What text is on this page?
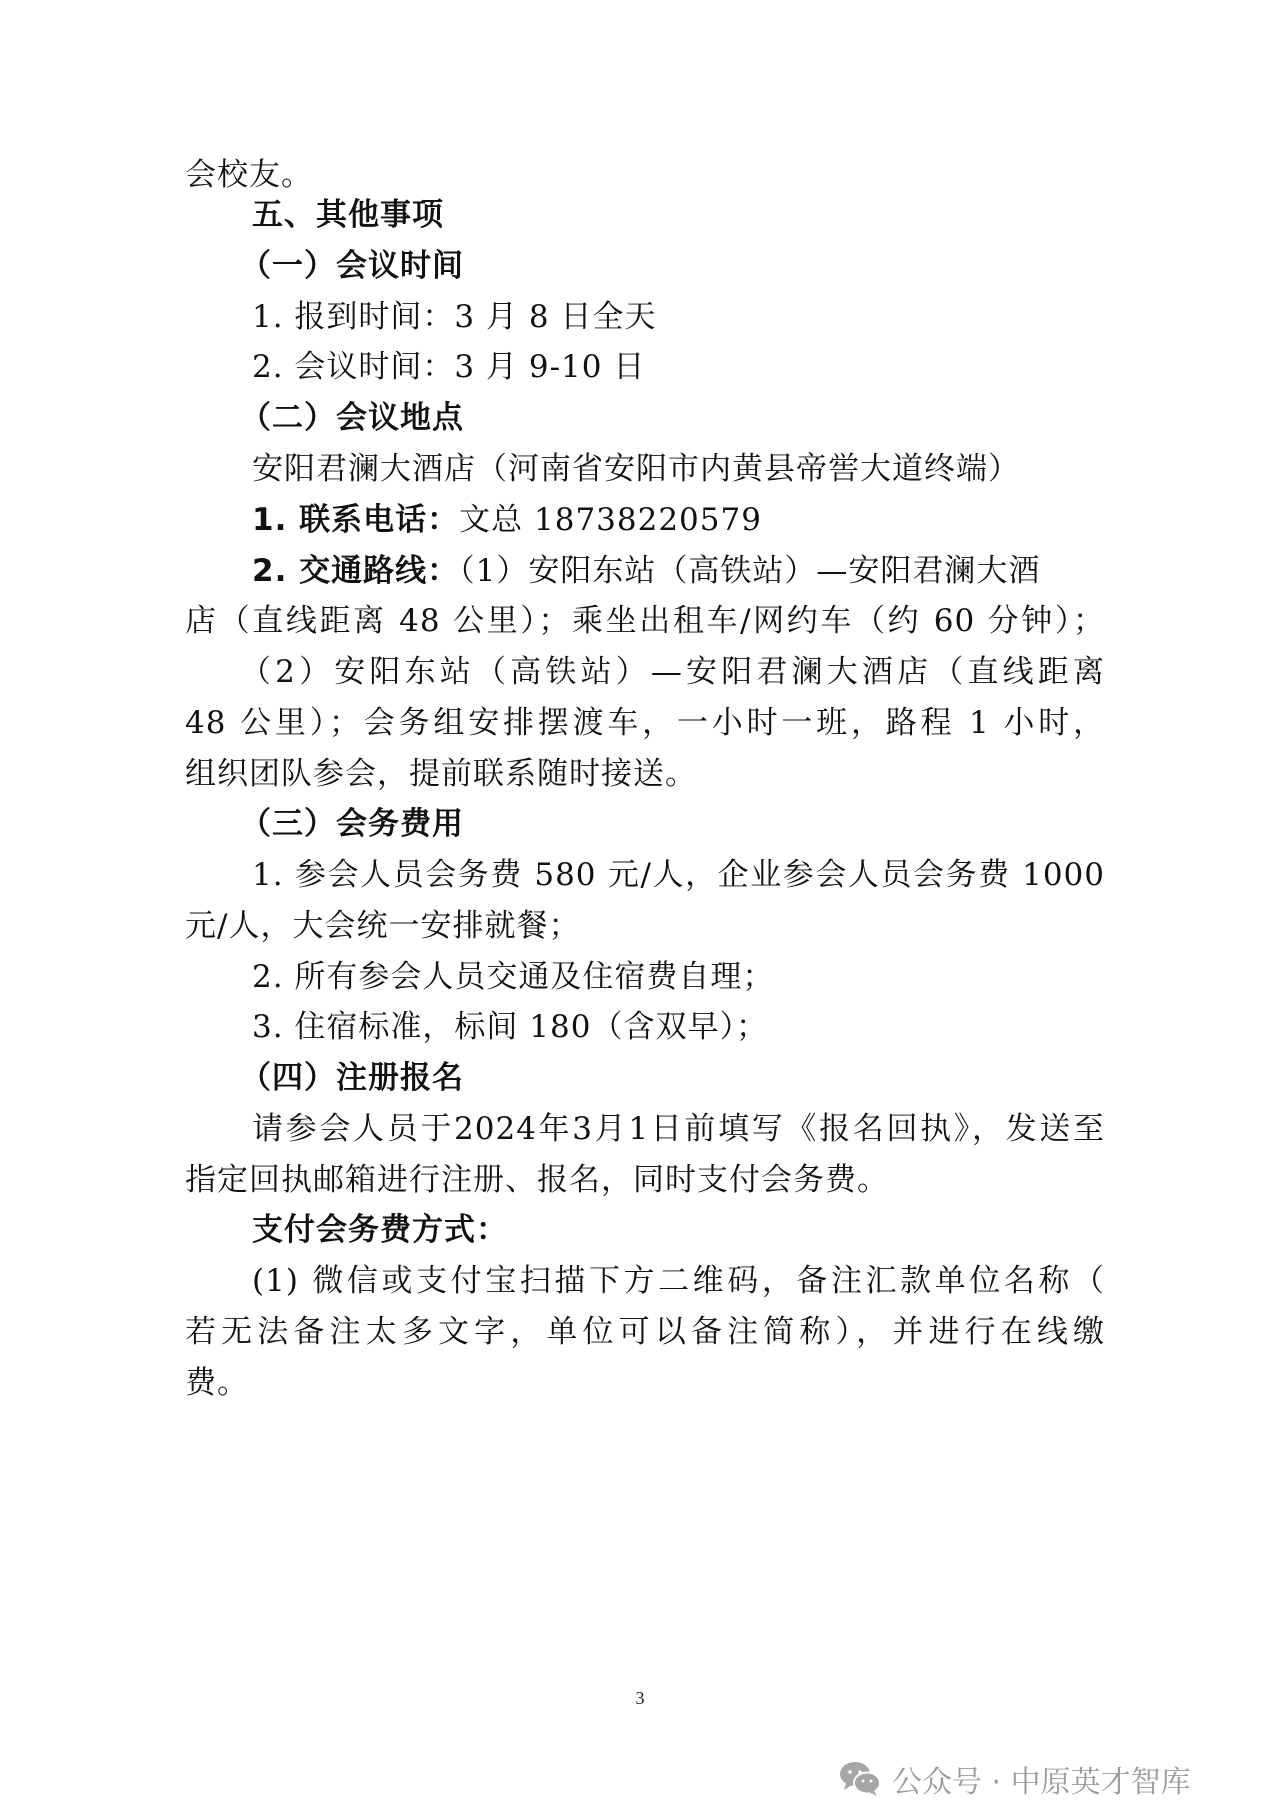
会校友。
五、其他事项
（一）会议时间
1. 报到时间：3 月 8 日全天
2. 会议时间：3 月 9-10 日
（二）会议地点
安阳君澜大酒店（河南省安阳市内黄县帝喾大道终端）
1. 联系电话：文总 18738220579
2. 交通路线：（1）安阳东站（高铁站）—安阳君澜大酒
店（直线距离 48 公里）；乘坐出租车/网约车（约 60 分钟）；
（2）安阳东站（高铁站）—安阳君澜大酒店（直线距离
48 公里）；会务组安排摆渡车，一小时一班，路程 1 小时，
组织团队参会，提前联系随时接送。
（三）会务费用
1. 参会人员会务费 580 元/人，企业参会人员会务费 1000
元/人，大会统一安排就餐；
2. 所有参会人员交通及住宿费自理；
3. 住宿标准，标间 180（含双早）；
（四）注册报名
请参会人员于2024年3月1日前填写《报名回执》，发送至
指定回执邮箱进行注册、报名，同时支付会务费。
支付会务费方式：
(1) 微信或支付宝扫描下方二维码，备注汇款单位名称（
若无法备注太多文字，单位可以备注简称），并进行在线缴
费。
3
公众号 · 中原英才智库
